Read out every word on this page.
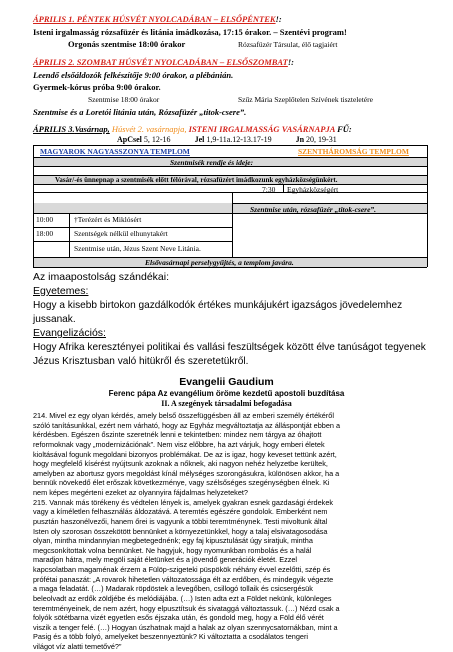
ÁPRILIS 1. PÉNTEK HÚSVÉT NYOLCADÁBAN – ELSŐPÉNTEK!:
Isteni irgalmasság rózsafüzér és litánia imádkozása, 17:15 órakor. – Szentévi program!
Orgonás szentmise 18:00 órakor	Rózsafüzér Társulat, élő tagjaiért
ÁPRILIS 2. SZOMBAT HÚSVÉT NYOLCADÁBAN – ELSŐSZOMBAT!:
Leendő elsőáldozók felkészítője 9:00 órakor, a plébánián.
Gyermek-kórus próba 9:00 órakor.
Szentmise 18:00 órakor	Szűz Mária Szeplőtelen Szívének tiszteletére
Szentmise és a Loretói litánia után, Rózsafüzér „titok-csere”.
ÁPRILIS 3.Vasárnap, Húsvét 2. vasárnapja, ISTENI IRGALMASSÁG VASÁRNAPJA FŰ:
ApCsel 5, 12-16	Jel 1,9-11a.12-13.17-19	Jn 20, 19-31
MAGYAROK NAGYASSZONYA TEMPLOM	SZENTHÁROMSÁG TEMPLOM
Szentmisék rendje és ideje:
Vasár/-és ünnepnap a szentmisék előtt félórával, rózsafüzért imádkozunk egyházközségünkért.
7:30 Egyházközségért
Szentmise után, rózsafüzér „titok-csere”.
10:00	†Terézért és Miklósért
18:00	Szentségek nélkül elhunytakért
Szentmise után, Jézus Szent Neve Litánia.
Elsővasárnapi perselygyűjtés, a templom javára.
Az imaapostolság szándékai:
Egyetemes:
Hogy a kisebb birtokon gazdálkodók értékes munkájukért igazságos jövedelemhez jussanak.
Evangelizációs:
Hogy Afrika keresztényei politikai és vallási feszültségek között élve tanúságot tegyenek Jézus Krisztusban való hitükről és szeretetükről.
Evangelii Gaudium
Ferenc pápa Az evangélium öröme kezdetű apostoli buzdítása
II. A szegények társadalmi befogadása
214. Mivel ez egy olyan kérdés, amely belső összefüggésben áll az emberi személy értékéről
szóló tanításunkkal, ezért nem várható, hogy az Egyház megváltoztatja az álláspontját ebben a
kérdésben. Egészen őszinte szeretnék lenni e tekintetben: mindez nem tárgya az óhajtott
reformoknak vagy „modernizációnak”. Nem visz előbbre, ha azt várjuk, hogy emberi életek
kioltásával fogunk megoldani bizonyos problémákat. De az is igaz, hogy keveset tettünk azért,
hogy megfelelő kísérést nyújtsunk azoknak a nőknek, aki nagyon nehéz helyzetbe kerültek,
amelyben az abortusz gyors megoldást kínál mélységes szorongásukra, különösen akkor, ha a
bennük növekedő élet erőszak következménye, vagy szélsőséges szegénységben élnek. Ki
nem képes megérteni ezeket az olyannyira fájdalmas helyzeteket?
215. Vannak más törékeny és védtelen lények is, amelyek gyakran esnek gazdasági érdekek
vagy a kíméletlen felhasználás áldozatává. A teremtés egészére gondolok. Emberként nem
pusztán haszonélvezői, hanem őrei is vagyunk a többi teremtménynek. Testi mivoltunk által
Isten oly szorosan összekötött bennünket a környezetünkkel, hogy a talaj elsivatagosodása
olyan, mintha mindannyian megbetegednénk; egy faj kipusztulását úgy siratjuk, mintha
megcsonkítottak volna bennünket. Ne hagyjuk, hogy nyomunkban rombolás és a halál
maradjon hátra, mely megöli saját életünket és a jövendő generációk életét. Ezzel
kapcsolatban magaménak érzem a Fülöp-szigeteki püspökök néhány évvel ezelőtti, szép és
prófétai panaszát: „A rovarok hihetetlen változatossága élt az erdőben, és mindegyik végezte
a maga feladatát. (…) Madarak röpdöstek a levegőben, csillogó tollaik és csicsergésük
beleolvadt az erdők zöldjébe és melódiájába. (…) Isten adta ezt a Földet nekünk, különleges
teremtményeinek, de nem azért, hogy elpusztítsuk és sivataggá változtassuk. (…) Nézd csak a
folyók sötétbarna vizét egyetlen esős éjszaka után, és gondold meg, hogy a Föld élő vérét
viszik a tenger felé. (…) Hogyan úszhatnak majd a halak az olyan szennycsatornákban, mint a
Pasig és a több folyó, amelyeket beszennyeztünk? Ki változtatta a csodálatos tengeri
világot víz alatti temetővé?”
